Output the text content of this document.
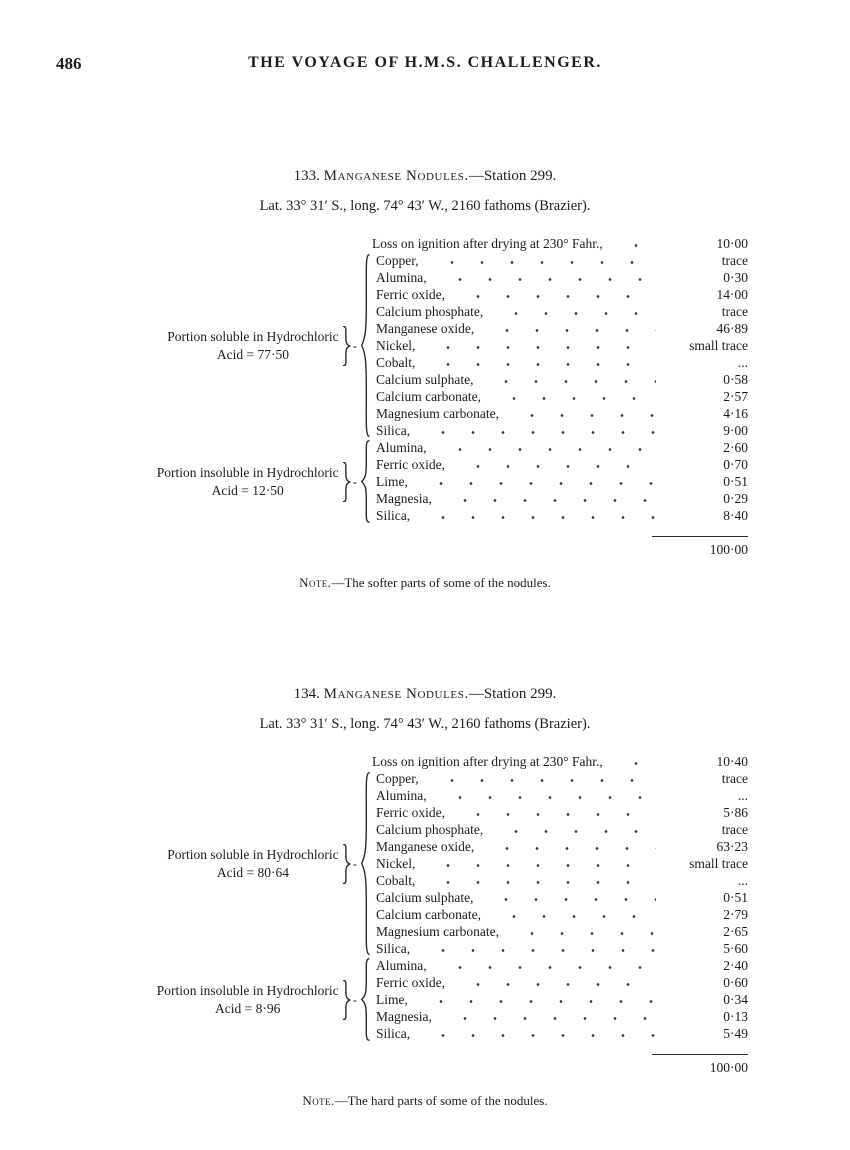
486	THE VOYAGE OF H.M.S. CHALLENGER.
133. Manganese Nodules.—Station 299.

Lat. 33° 31′ S., long. 74° 43′ W., 2160 fathoms (Brazier).

Loss on ignition after drying at 230° Fahr.,	10·00
Portion soluble in Hydrochloric
Acid = 77·50
-
Copper,	trace
Alumina,	0·30
Ferric oxide,	14·00
Calcium phosphate,	trace
Manganese oxide,	46·89
Nickel,	small trace
Cobalt,	...
Calcium sulphate,	0·58
Calcium carbonate,	2·57
Magnesium carbonate,	4·16
Silica,	9·00
Portion insoluble in Hydrochloric
Acid = 12·50
-
Alumina,	2·60
Ferric oxide,	0·70
Lime,	0·51
Magnesia,	0·29
Silica,	8·40
100·00

Note.—The softer parts of some of the nodules.

134. Manganese Nodules.—Station 299.

Lat. 33° 31′ S., long. 74° 43′ W., 2160 fathoms (Brazier).

Loss on ignition after drying at 230° Fahr.,	10·40
Portion soluble in Hydrochloric
Acid = 80·64
-
Copper,	trace
Alumina,	...
Ferric oxide,	5·86
Calcium phosphate,	trace
Manganese oxide,	63·23
Nickel,	small trace
Cobalt,	...
Calcium sulphate,	0·51
Calcium carbonate,	2·79
Magnesium carbonate,	2·65
Silica,	5·60
Portion insoluble in Hydrochloric
Acid = 8·96
-
Alumina,	2·40
Ferric oxide,	0·60
Lime,	0·34
Magnesia,	0·13
Silica,	5·49
100·00

Note.—The hard parts of some of the nodules.
